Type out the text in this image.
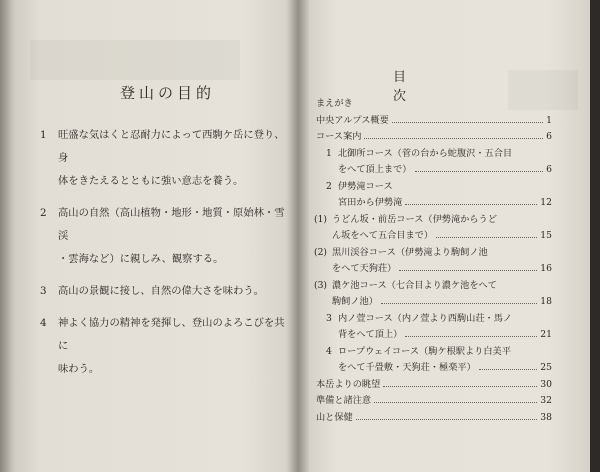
登山の目的
1 旺盛な気はくと忍耐力によって西駒ケ岳に登り、身
体をきたえるとともに強い意志を養う。
2 高山の自然（高山植物・地形・地質・原始林・雪渓
・雲海など）に親しみ、観察する。
3 高山の景観に接し、自然の偉大さを味わう。
4 神よく協力の精神を発揮し、登山のよろこびを共に
味わう。
目次
まえがき
中央アルプス概要	1
コース案内	6
1 北御所コース（菅の台から蛇腹沢・五合目
をへて頂上まで）	6
2 伊勢滝コース
宮田から伊勢滝	12
(1) うどん坂・前岳コース（伊勢滝からうど
ん坂をへて五合目まで）	15
(2) 黒川渓谷コース（伊勢滝より駒飼ノ池
をへて天狗荘）	16
(3) 濃ケ池コース（七合目より濃ケ池をへて
駒飼ノ池）	18
3 内ノ萱コース（内ノ萱より西駒山荘・馬ノ
背をへて頂上）	21
4 ロープウェイコース（駒ケ根駅より白美平
をへて千畳敷・天狗荘・極楽平）	25
本岳よりの眺望	30
準備と諸注意	32
山と保健	38
